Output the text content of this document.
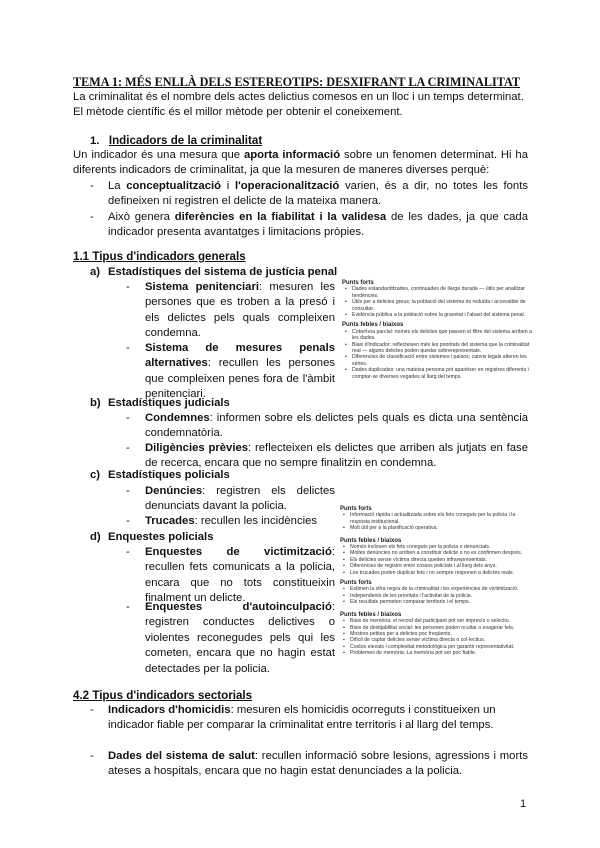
TEMA 1: MÉS ENLLÀ DELS ESTEREOTIPS: DESXIFRANT LA CRIMINALITAT
La criminalitat és el nombre dels actes delictius comesos en un lloc i un temps determinat.
El mètode científic és el millor mètode per obtenir el coneixement.
1. Indicadors de la criminalitat
Un indicador és una mesura que aporta informació sobre un fenomen determinat. Hi ha diferents indicadors de criminalitat, ja que la mesuren de maneres diverses perquè:
- La conceptualització i l'operacionalització varien, és a dir, no totes les fonts defineixen ni registren el delicte de la mateixa manera.
- Això genera diferències en la fiabilitat i la validesa de les dades, ja que cada indicador presenta avantatges i limitacions pròpies.
1.1 Tipus d'indicadors generals
a) Estadístiques del sistema de justícia penal
- Sistema penitenciari: mesuren les persones que es troben a la presó i els delictes pels quals compleixen condemna.
- Sistema de mesures penals alternatives: recullen les persones que compleixen penes fora de l'àmbit penitenciari.
b) Estadístiques judicials
- Condemnes: informen sobre els delictes pels quals es dicta una sentència condemnatòria.
- Diligències prèvies: reflecteixen els delictes que arriben als jutjats en fase de recerca, encara que no sempre finalitzin en condemna.
c) Estadístiques policials
- Denúncies: registren els delictes denunciats davant la policia.
- Trucades: recullen les incidències
d) Enquestes policials
- Enquestes de victimització: recullen fets comunicats a la policia, encara que no tots constitueixin finalment un delicte.
- Enquestes d'autoinculpació: registren conductes delictives o violentes reconegudes pels qui les cometen, encara que no hagin estat detectades per la policia.
4.2 Tipus d'indicadors sectorials
- Indicadors d'homicidis: mesuren els homicidis ocorreguts i constitueixen un indicador fiable per comparar la criminalitat entre territoris i al llarg del temps.
- Dades del sistema de salut: recullen informació sobre lesions, agressions i morts ateses a hospitals, encara que no hagin estat denunciades a la policia.
Punts forts
▪ Dades estandarditzades, continuades de llarga durada — útils per analitzar tendències.
▪ Útils per a delictes greus; la població del sistema és reduïda i accessible de consultar.
▪ Evidència pública a la població sobre la gravetat i l'abast del sistema penal.
Punts febles / biaixos
▪ Cobertura parcial: només els delictes que passen el filtre del sistema arriben a les dades.
▪ Biaix d'indicador: reflecteixen més les prioritats del sistema que la criminalitat real — alguns delictes poden quedar sobrerepresentats.
▪ Diferències de classificació entre sistemes i països; canvis legals alteren les sèries.
▪ Dades duplicades: una mateixa persona pot aparèixer en registres diferents i comptar-se diverses vegades al llarg del temps.
Punts forts
▪ Informació ràpida i actualitzada sobre els fets coneguts per la policia i la resposta institucional.
▪ Molt útil per a la planificació operativa.
Punts febles / biaixos
▪ Només inclouen els fets coneguts per la policia o denunciats.
▪ Moltes denúncies no arriben a constituir delicte o no es confirmen després.
▪ Els delictes sense víctima directa queden infrarepresentats.
▪ Diferències de registre entre cossos policials i al llarg dels anys.
▪ Les trucades poden duplicar fets i no sempre responen a delictes reals.
Punts forts
▪ Estimen la xifra negra de la criminalitat i les experiències de victimització.
▪ Independents de les prioritats i l'activitat de la policia.
▪ Els resultats permeten comparar territoris i el temps.
Punts febles / biaixos
▪ Biaix de memòria: el record del participant pot ser imprecís o selectiu.
▪ Biaix de desitjabilitat social: les persones poden ocultar o exagerar fets.
▪ Mostres petites per a delictes poc freqüents.
▪ Difícil de captar delictes sense víctima directa o col·lectius.
▪ Costos elevats i complexitat metodològica per garantir representativitat.
▪ Problemes de memòria: La memòria pot ser poc fiable.
1
